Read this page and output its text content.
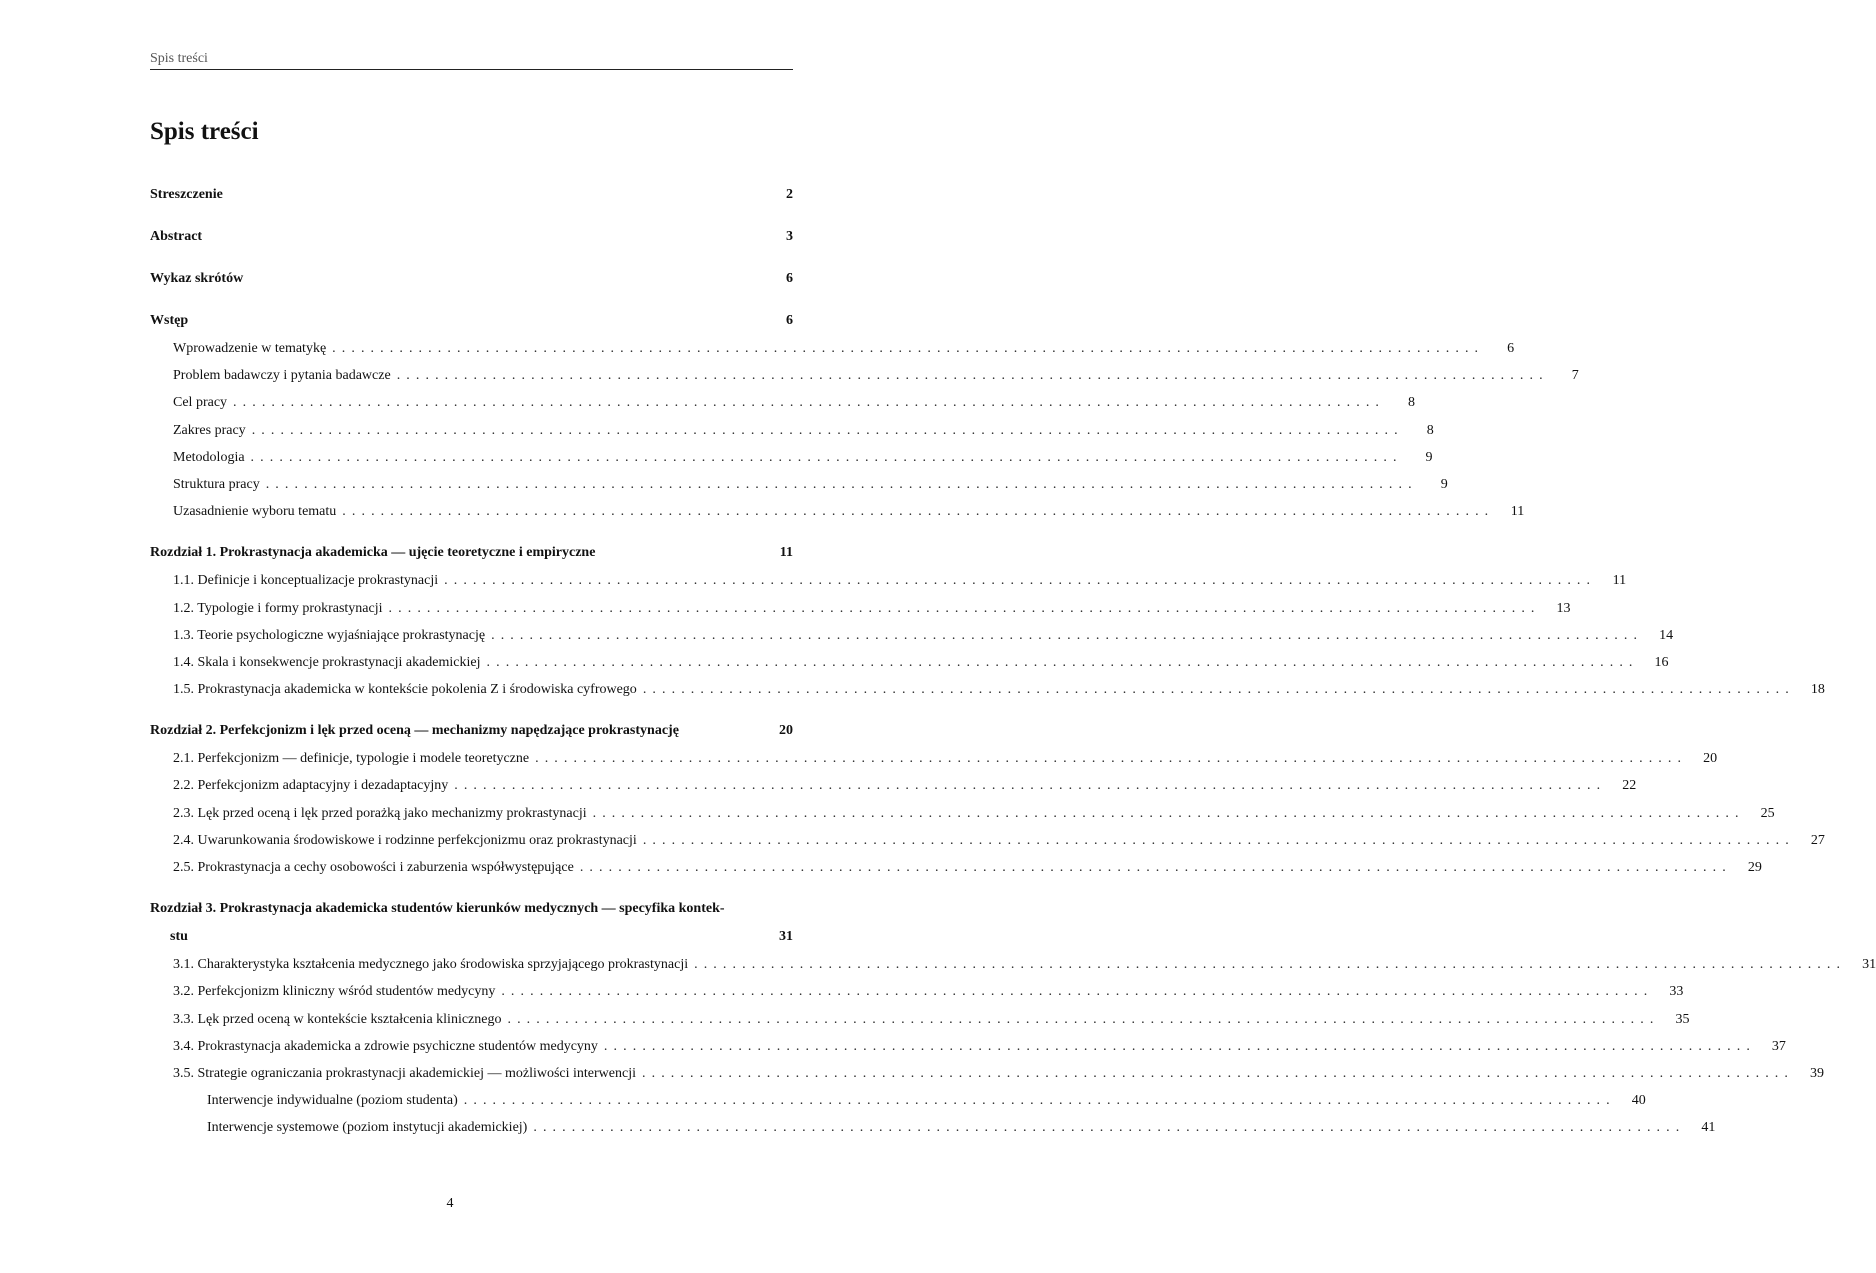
Spis treści
Spis treści
Streszczenie	2
Abstract	3
Wykaz skrótów	6
Wstęp	6
Wprowadzenie w tematykę ........................................................................................................................	6
Problem badawczy i pytania badawcze ........................................................................................................................	7
Cel pracy ........................................................................................................................	8
Zakres pracy ........................................................................................................................	8
Metodologia ........................................................................................................................	9
Struktura pracy ........................................................................................................................	9
Uzasadnienie wyboru tematu ........................................................................................................................	11
Rozdział 1. Prokrastynacja akademicka — ujęcie teoretyczne i empiryczne	11
1.1. Definicje i konceptualizacje prokrastynacji ........................................................................................................................	11
1.2. Typologie i formy prokrastynacji ........................................................................................................................	13
1.3. Teorie psychologiczne wyjaśniające prokrastynację ........................................................................................................................	14
1.4. Skala i konsekwencje prokrastynacji akademickiej ........................................................................................................................	16
1.5. Prokrastynacja akademicka w kontekście pokolenia Z i środowiska cyfrowego ........................................................................................................................	18
Rozdział 2. Perfekcjonizm i lęk przed oceną — mechanizmy napędzające prokrastynację	20
2.1. Perfekcjonizm — definicje, typologie i modele teoretyczne ........................................................................................................................	20
2.2. Perfekcjonizm adaptacyjny i dezadaptacyjny ........................................................................................................................	22
2.3. Lęk przed oceną i lęk przed porażką jako mechanizmy prokrastynacji ........................................................................................................................	25
2.4. Uwarunkowania środowiskowe i rodzinne perfekcjonizmu oraz prokrastynacji ........................................................................................................................	27
2.5. Prokrastynacja a cechy osobowości i zaburzenia współwystępujące ........................................................................................................................	29
Rozdział 3. Prokrastynacja akademicka studentów kierunków medycznych — specyfika kontek-
stu	31
3.1. Charakterystyka kształcenia medycznego jako środowiska sprzyjającego prokrastynacji ........................................................................................................................	31
3.2. Perfekcjonizm kliniczny wśród studentów medycyny ........................................................................................................................	33
3.3. Lęk przed oceną w kontekście kształcenia klinicznego ........................................................................................................................	35
3.4. Prokrastynacja akademicka a zdrowie psychiczne studentów medycyny ........................................................................................................................	37
3.5. Strategie ograniczania prokrastynacji akademickiej — możliwości interwencji ........................................................................................................................	39
Interwencje indywidualne (poziom studenta) ........................................................................................................................	40
Interwencje systemowe (poziom instytucji akademickiej) ........................................................................................................................	41
4
